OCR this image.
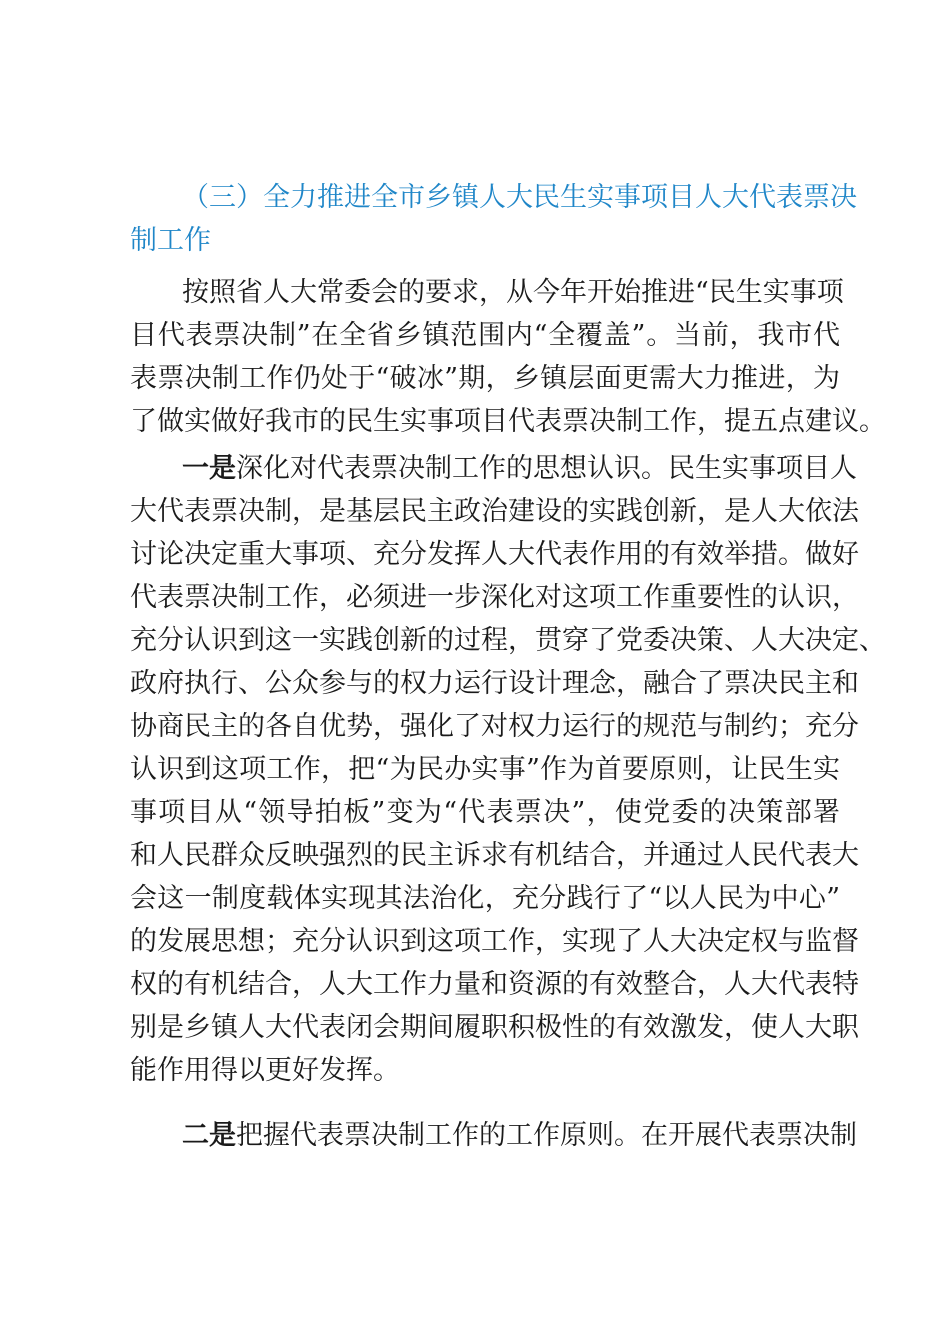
（三）全力推进全市乡镇人大民生实事项目人大代表票决
制工作
按照省人大常委会的要求，从今年开始推进“民生实事项
目代表票决制”在全省乡镇范围内“全覆盖”。当前，我市代
表票决制工作仍处于“破冰”期，乡镇层面更需大力推进，为
了做实做好我市的民生实事项目代表票决制工作，提五点建议。
一是深化对代表票决制工作的思想认识。民生实事项目人
大代表票决制，是基层民主政治建设的实践创新，是人大依法
讨论决定重大事项、充分发挥人大代表作用的有效举措。做好
代表票决制工作，必须进一步深化对这项工作重要性的认识，
充分认识到这一实践创新的过程，贯穿了党委决策、人大决定、
政府执行、公众参与的权力运行设计理念，融合了票决民主和
协商民主的各自优势，强化了对权力运行的规范与制约；充分
认识到这项工作，把“为民办实事”作为首要原则，让民生实
事项目从“领导拍板”变为“代表票决”，使党委的决策部署
和人民群众反映强烈的民主诉求有机结合，并通过人民代表大
会这一制度载体实现其法治化，充分践行了“以人民为中心”
的发展思想；充分认识到这项工作，实现了人大决定权与监督
权的有机结合，人大工作力量和资源的有效整合，人大代表特
别是乡镇人大代表闭会期间履职积极性的有效激发，使人大职
能作用得以更好发挥。
二是把握代表票决制工作的工作原则。在开展代表票决制
